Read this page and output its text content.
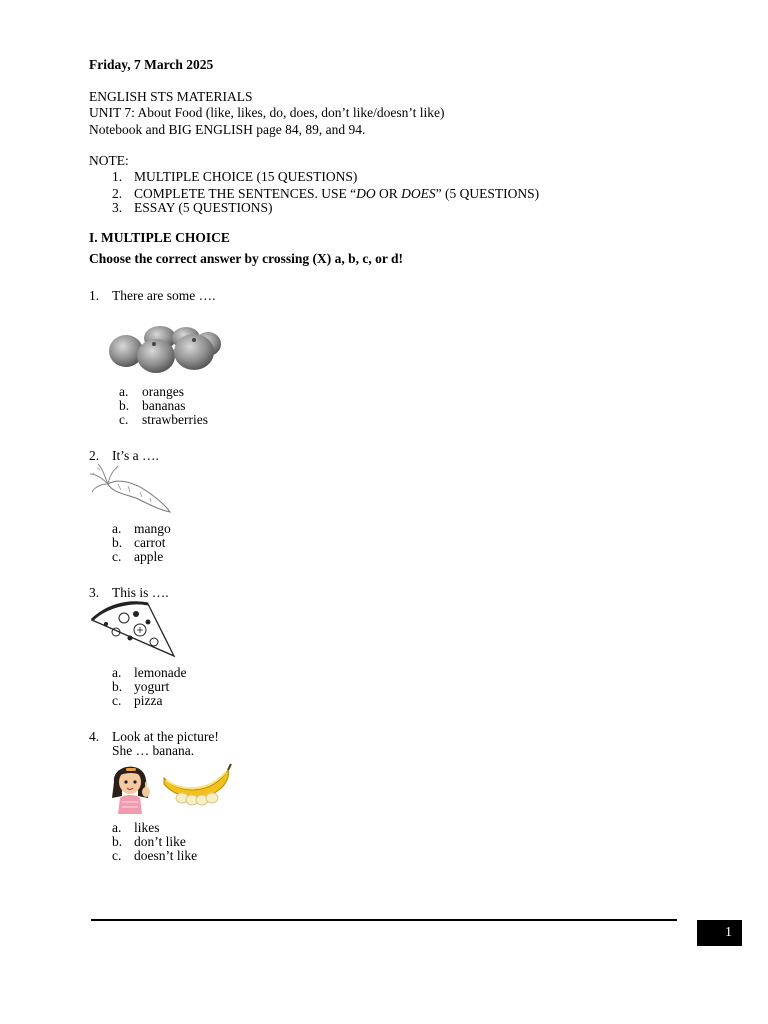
Friday, 7 March 2025
ENGLISH STS MATERIALS
UNIT 7: About Food (like, likes, do, does, don’t like/doesn’t like)
Notebook and BIG ENGLISH page 84, 89, and 94.
NOTE:
1. MULTIPLE CHOICE (15 QUESTIONS)
2. COMPLETE THE SENTENCES. USE “DO OR DOES” (5 QUESTIONS)
3. ESSAY (5 QUESTIONS)
I. MULTIPLE CHOICE
Choose the correct answer by crossing (X) a, b, c, or d!
1. There are some ….
a. oranges
b. bananas
c. strawberries
2. It’s a ….
a. mango
b. carrot
c. apple
3. This is ….
a. lemonade
b. yogurt
c. pizza
4. Look at the picture!
She … banana.
a. likes
b. don’t like
c. doesn’t like
1
